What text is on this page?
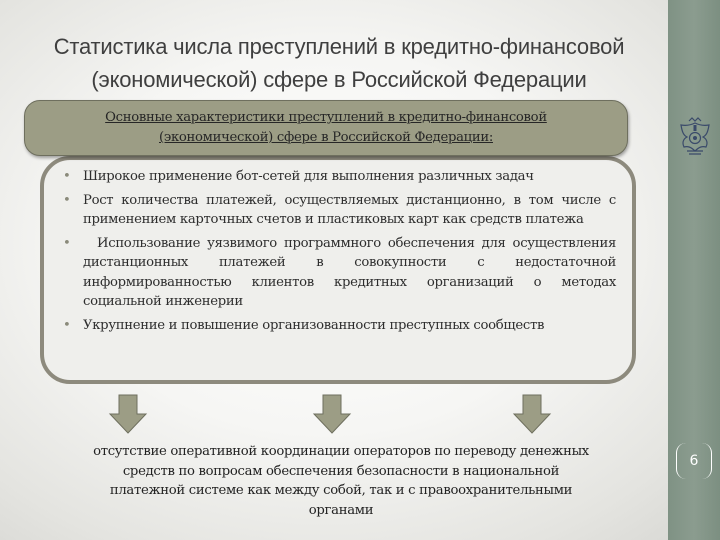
Статистика числа преступлений в кредитно-финансовой
(экономической) сфере в Российской Федерации
Основные характеристики преступлений в кредитно-финансовой
(экономической) сфере в Российской Федерации:
• Широкое применение бот-сетей для выполнения различных задач
• Рост количества платежей, осуществляемых дистанционно, в том числе с применением карточных счетов и пластиковых карт как средств платежа
• Использование уязвимого программного обеспечения для осуществления дистанционных платежей в совокупности с недостаточной информированностью клиентов кредитных организаций о методах социальной инженерии
• Укрупнение и повышение организованности преступных сообществ
отсутствие оперативной координации операторов по переводу денежных
средств по вопросам обеспечения безопасности в национальной
платежной системе как между собой, так и с правоохранительными
органами
6
